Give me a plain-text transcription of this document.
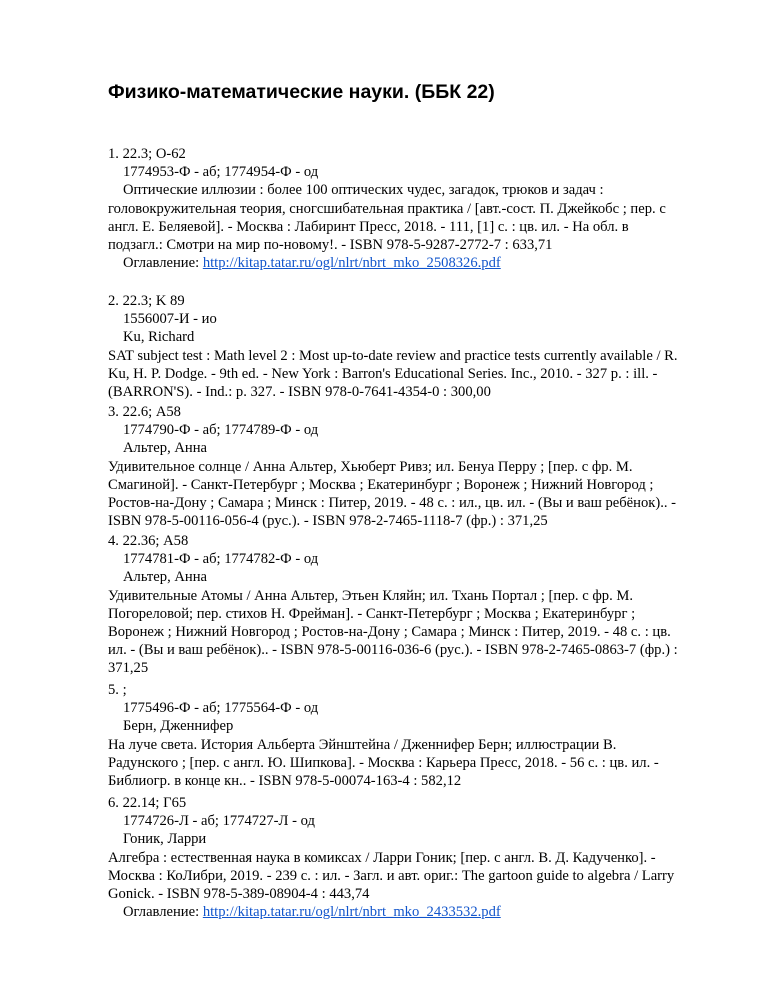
Физико-математические науки. (ББК 22)
1. 22.3; О-62
1774953-Ф - аб; 1774954-Ф - од
Оптические иллюзии : более 100 оптических чудес, загадок, трюков и задач : головокружительная теория, сногсшибательная практика / [авт.-сост. П. Джейкобс ; пер. с англ. Е. Беляевой]. - Москва : Лабиринт Пресс, 2018. - 111, [1] с. : цв. ил. - На обл. в подзагл.: Смотри на мир по-новому!. - ISBN 978-5-9287-2772-7 : 633,71
Оглавление: http://kitap.tatar.ru/ogl/nlrt/nbrt_mko_2508326.pdf
2. 22.3; K 89
1556007-И - ио
Ku, Richard
SAT subject test : Math level 2 : Most up-to-date review and practice tests currently available / R. Ku, H. P. Dodge. - 9th ed. - New York : Barron's Educational Series. Inc., 2010. - 327 p. : ill. - (BARRON'S). - Ind.: p. 327. - ISBN 978-0-7641-4354-0 : 300,00
3. 22.6; А58
1774790-Ф - аб; 1774789-Ф - од
Альтер, Анна
Удивительное солнце / Анна Альтер, Хьюберт Ривз; ил. Бенуа Перру ; [пер. с фр. М. Смагиной]. - Санкт-Петербург ; Москва ; Екатеринбург ; Воронеж ; Нижний Новгород ; Ростов-на-Дону ; Самара ; Минск : Питер, 2019. - 48 с. : ил., цв. ил. - (Вы и ваш ребёнок).. - ISBN 978-5-00116-056-4 (рус.). - ISBN 978-2-7465-1118-7 (фр.) : 371,25
4. 22.36; А58
1774781-Ф - аб; 1774782-Ф - од
Альтер, Анна
Удивительные Атомы / Анна Альтер, Этьен Кляйн; ил. Тхань Портал ; [пер. с фр. М. Погореловой; пер. стихов Н. Фрейман]. - Санкт-Петербург ; Москва ; Екатеринбург ; Воронеж ; Нижний Новгород ; Ростов-на-Дону ; Самара ; Минск : Питер, 2019. - 48 с. : цв. ил. - (Вы и ваш ребёнок).. - ISBN 978-5-00116-036-6 (рус.). - ISBN 978-2-7465-0863-7 (фр.) : 371,25
5. ;
1775496-Ф - аб; 1775564-Ф - од
Берн, Дженнифер
На луче света. История Альберта Эйнштейна / Дженнифер Берн; иллюстрации В. Радунского ; [пер. с англ. Ю. Шипкова]. - Москва : Карьера Пресс, 2018. - 56 с. : цв. ил. - Библиогр. в конце кн.. - ISBN 978-5-00074-163-4 : 582,12
6. 22.14; Г65
1774726-Л - аб; 1774727-Л - од
Гоник, Ларри
Алгебра : естественная наука в комиксах / Ларри Гоник; [пер. с англ. В. Д. Кадученко]. - Москва : КоЛибри, 2019. - 239 с. : ил. - Загл. и авт. ориг.: The gartoon guide to algebra / Larry Gonick. - ISBN 978-5-389-08904-4 : 443,74
Оглавление: http://kitap.tatar.ru/ogl/nlrt/nbrt_mko_2433532.pdf
